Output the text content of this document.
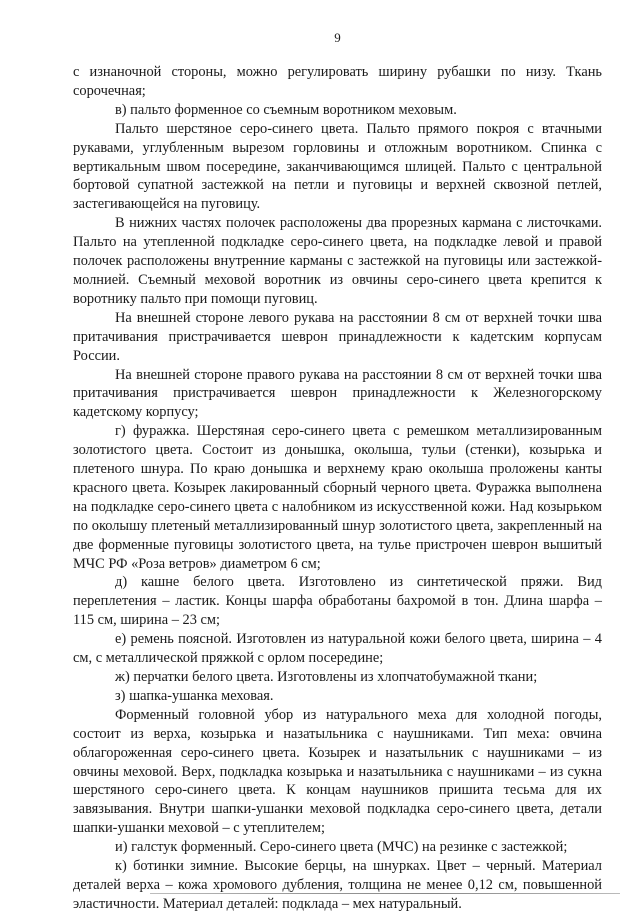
9

с изнаночной стороны, можно регулировать ширину рубашки по низу. Ткань сорочечная;

в) пальто форменное со съемным воротником меховым.

Пальто шерстяное серо-синего цвета. Пальто прямого покроя с втачными рукавами, углубленным вырезом горловины и отложным воротником. Спинка с вертикальным швом посередине, заканчивающимся шлицей. Пальто с центральной бортовой супатной застежкой на петли и пуговицы и верхней сквозной петлей, застегивающейся на пуговицу.

В нижних частях полочек расположены два прорезных кармана с листочками. Пальто на утепленной подкладке серо-синего цвета, на подкладке левой и правой полочек расположены внутренние карманы с застежкой на пуговицы или застежкой-молнией. Съемный меховой воротник из овчины серо-синего цвета крепится к воротнику пальто при помощи пуговиц.

На внешней стороне левого рукава на расстоянии 8 см от верхней точки шва притачивания пристрачивается шеврон принадлежности к кадетским корпусам России.

На внешней стороне правого рукава на расстоянии 8 см от верхней точки шва притачивания пристрачивается шеврон принадлежности к Железногорскому кадетскому корпусу;

г) фуражка. Шерстяная серо-синего цвета с ремешком металлизированным золотистого цвета. Состоит из донышка, околыша, тульи (стенки), козырька и плетеного шнура. По краю донышка и верхнему краю околыша проложены канты красного цвета. Козырек лакированный сборный черного цвета. Фуражка выполнена на подкладке серо-синего цвета с налобником из искусственной кожи. Над козырьком по околышу плетеный металлизированный шнур золотистого цвета, закрепленный на две форменные пуговицы золотистого цвета, на тулье пристрочен шеврон вышитый МЧС РФ «Роза ветров» диаметром 6 см;

д) кашне белого цвета. Изготовлено из синтетической пряжи. Вид переплетения – ластик. Концы шарфа обработаны бахромой в тон. Длина шарфа – 115 см, ширина – 23 см;

е) ремень поясной. Изготовлен из натуральной кожи белого цвета, ширина – 4 см, с металлической пряжкой с орлом посередине;

ж) перчатки белого цвета. Изготовлены из хлопчатобумажной ткани;

з) шапка-ушанка меховая.

Форменный головной убор из натурального меха для холодной погоды, состоит из верха, козырька и назатыльника с наушниками. Тип меха: овчина облагороженная серо-синего цвета. Козырек и назатыльник с наушниками – из овчины меховой. Верх, подкладка козырька и назатыльника с наушниками – из сукна шерстяного серо-синего цвета. К концам наушников пришита тесьма для их завязывания. Внутри шапки-ушанки меховой подкладка серо-синего цвета, детали шапки-ушанки меховой – с утеплителем;

и) галстук форменный. Серо-синего цвета (МЧС) на резинке с застежкой;

к) ботинки зимние. Высокие берцы, на шнурках. Цвет – черный. Материал деталей верха – кожа хромового дубления, толщина не менее 0,12 см, повышенной эластичности. Материал деталей: подклада – мех натуральный.
